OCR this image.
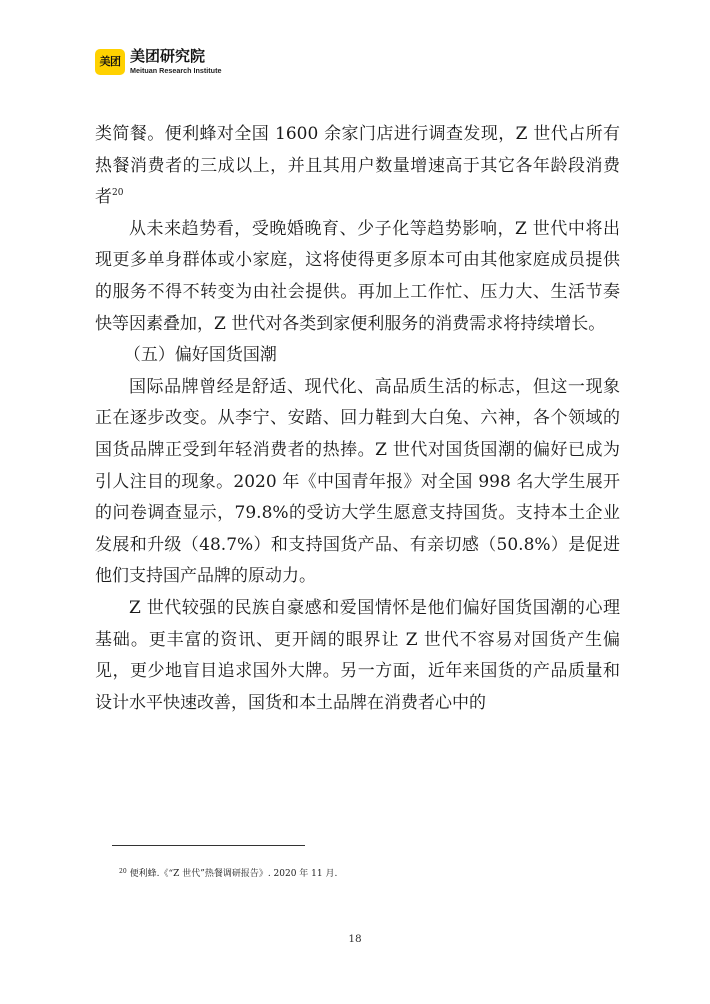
美团 美团研究院
Meituan Research Institute

类简餐。便利蜂对全国 1600 余家门店进行调查发现，Z 世代占所有热餐消费者的三成以上，并且其用户数量增速高于其它各年龄段消费者$^{20}$

从未来趋势看，受晚婚晚育、少子化等趋势影响，Z 世代中将出现更多单身群体或小家庭，这将使得更多原本可由其他家庭成员提供的服务不得不转变为由社会提供。再加上工作忙、压力大、生活节奏快等因素叠加，Z 世代对各类到家便利服务的消费需求将持续增长。

（五）偏好国货国潮

国际品牌曾经是舒适、现代化、高品质生活的标志，但这一现象正在逐步改变。从李宁、安踏、回力鞋到大白兔、六神，各个领域的国货品牌正受到年轻消费者的热捧。Z 世代对国货国潮的偏好已成为引人注目的现象。2020 年《中国青年报》对全国 998 名大学生展开的问卷调查显示，79.8%的受访大学生愿意支持国货。支持本土企业发展和升级（48.7%）和支持国货产品、有亲切感（50.8%）是促进他们支持国产品牌的原动力。

Z 世代较强的民族自豪感和爱国情怀是他们偏好国货国潮的心理基础。更丰富的资讯、更开阔的眼界让 Z 世代不容易对国货产生偏见，更少地盲目追求国外大牌。另一方面，近年来国货的产品质量和设计水平快速改善，国货和本土品牌在消费者心中的

$^{20}$ 便利蜂.《“Z 世代”热餐调研报告》. 2020 年 11 月.
18
